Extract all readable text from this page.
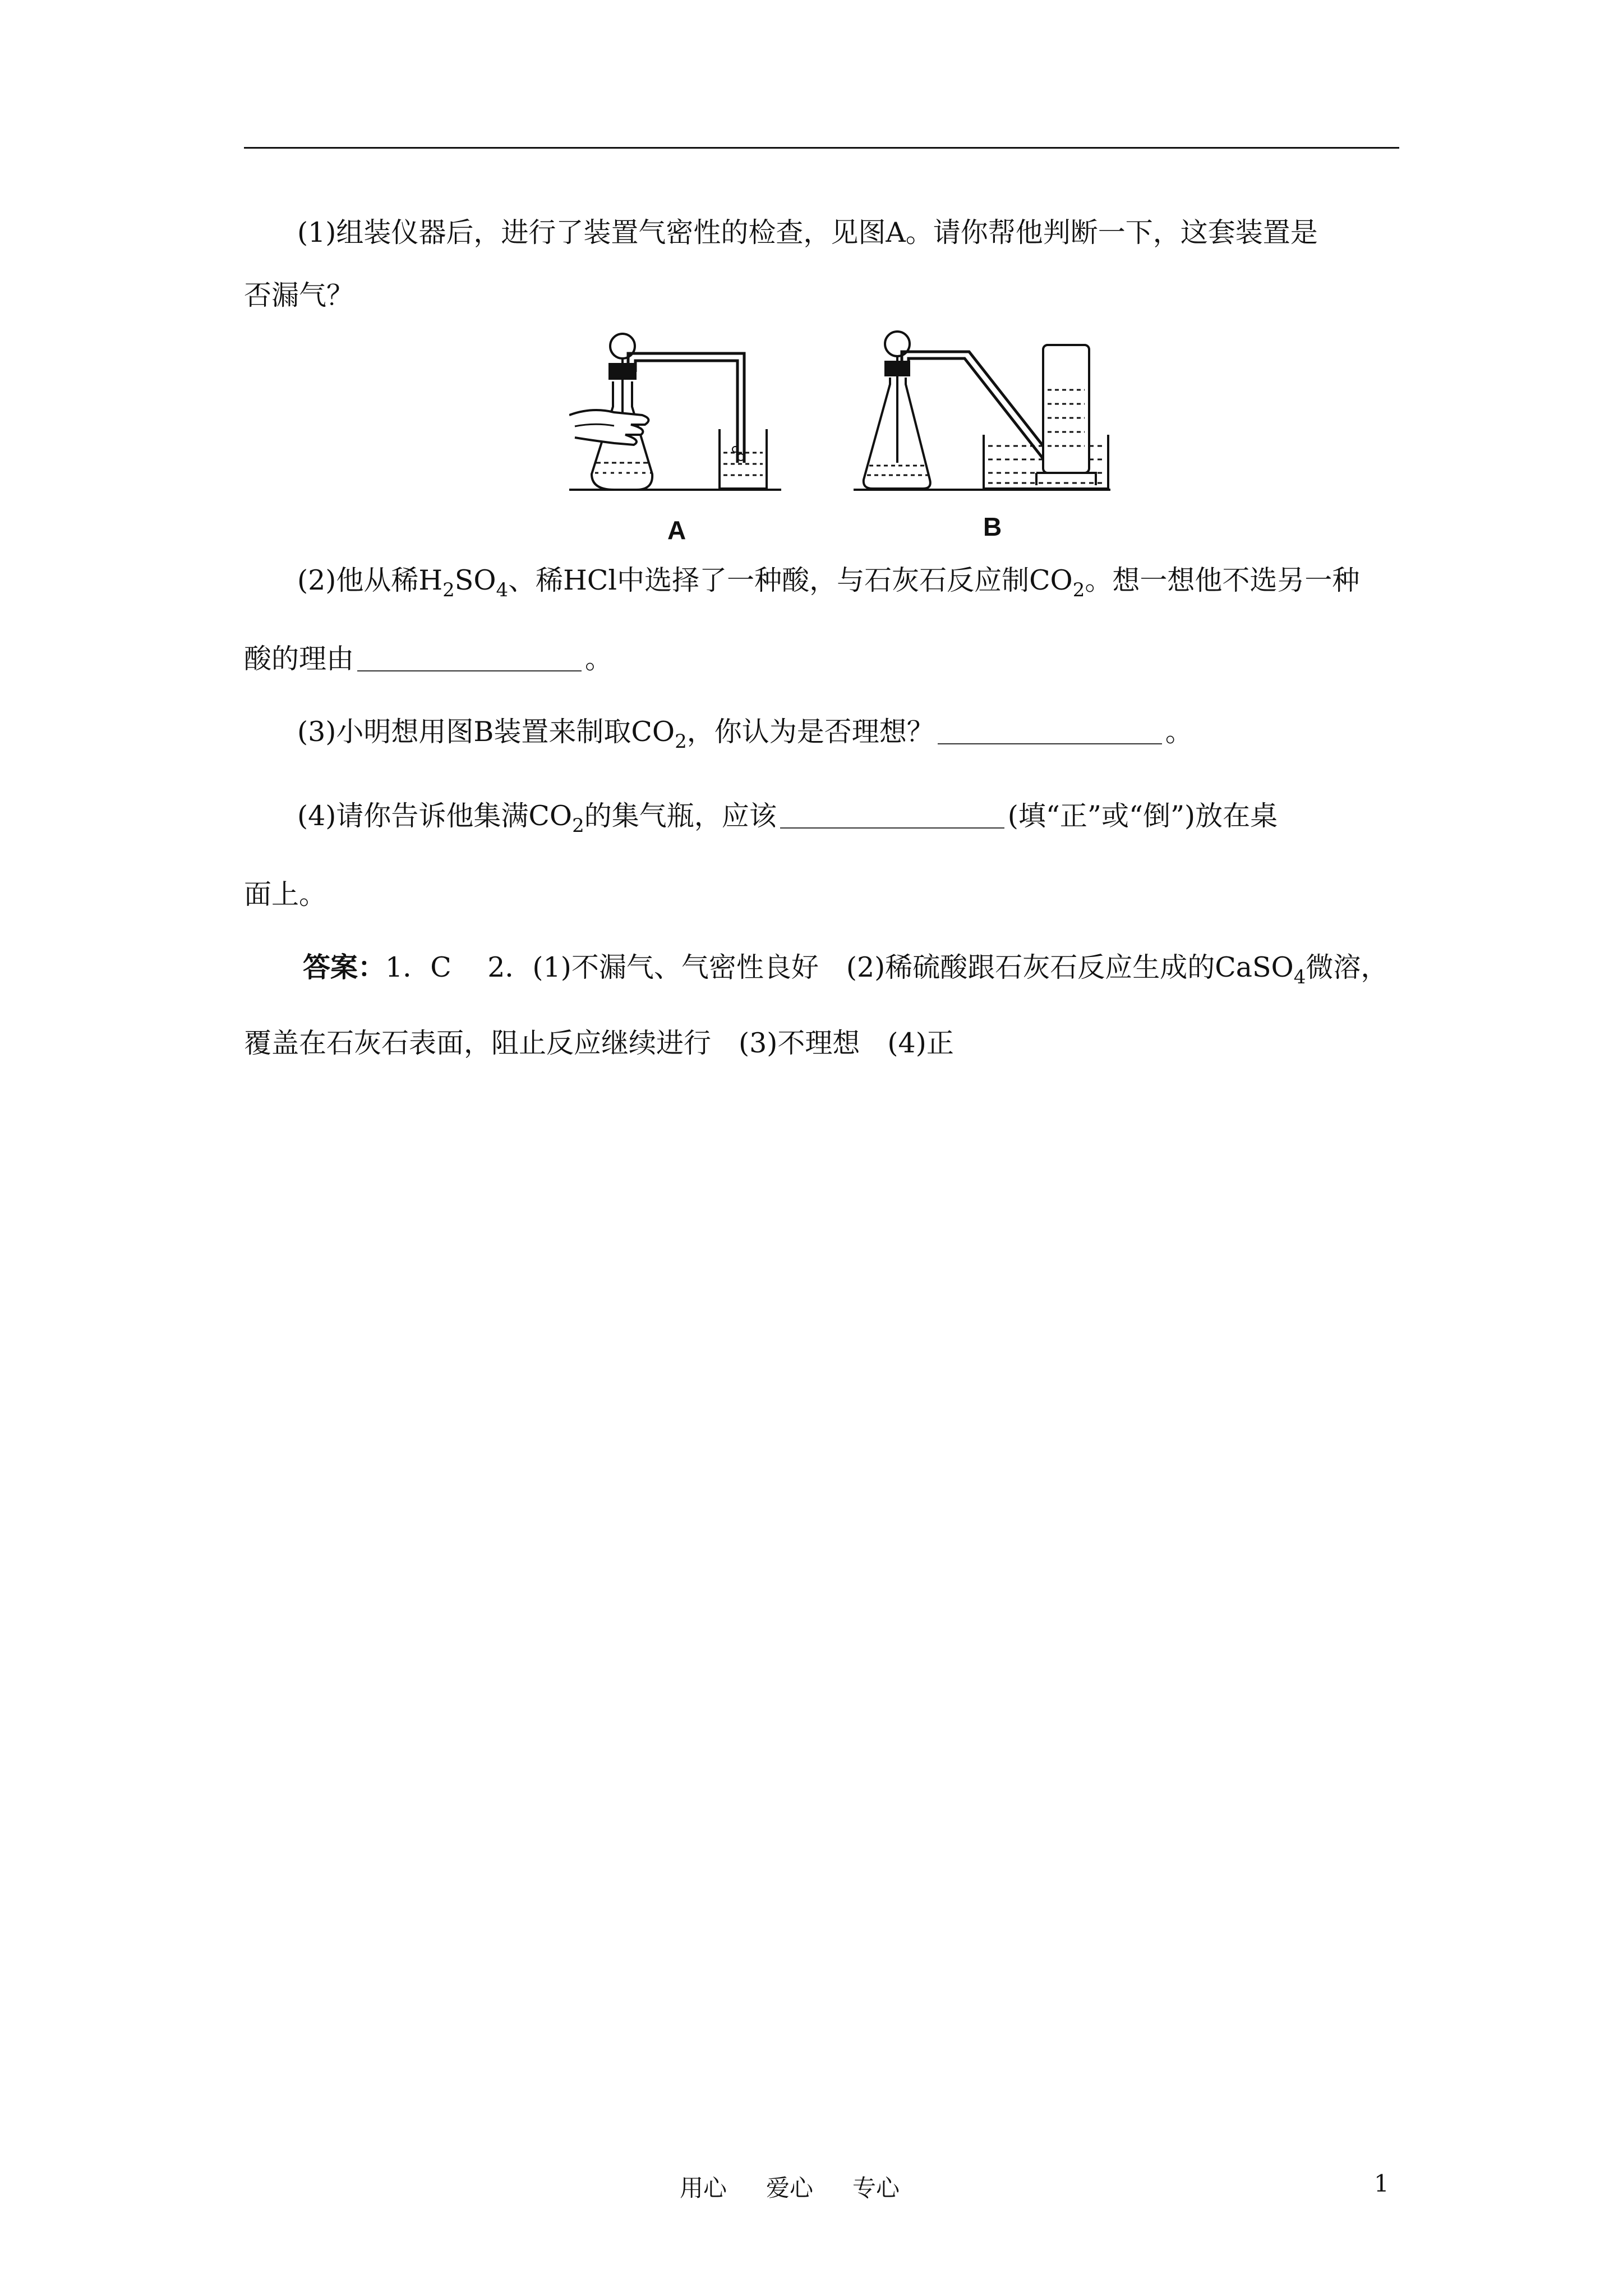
(1)组装仪器后，进行了装置气密性的检查，见图A。请你帮他判断一下，这套装置是
否漏气？
A	B
(2)他从稀$H_2SO_4$、稀HCl中选择了一种酸，与石灰石反应制$CO_2$。想一想他不选另一种
酸的理由	。
(3)小明想用图B装置来制取$CO_2$，你认为是否理想？	。
(4)请你告诉他集满$CO_2$的集气瓶，应该	(填“正”或“倒”)放在桌
面上。
答案：1．C　 2．(1)不漏气、气密性良好　(2)稀硫酸跟石灰石反应生成的CaSO$_4$微溶，
覆盖在石灰石表面，阻止反应继续进行　(3)不理想　(4)正
用心 爱心 专心	1
